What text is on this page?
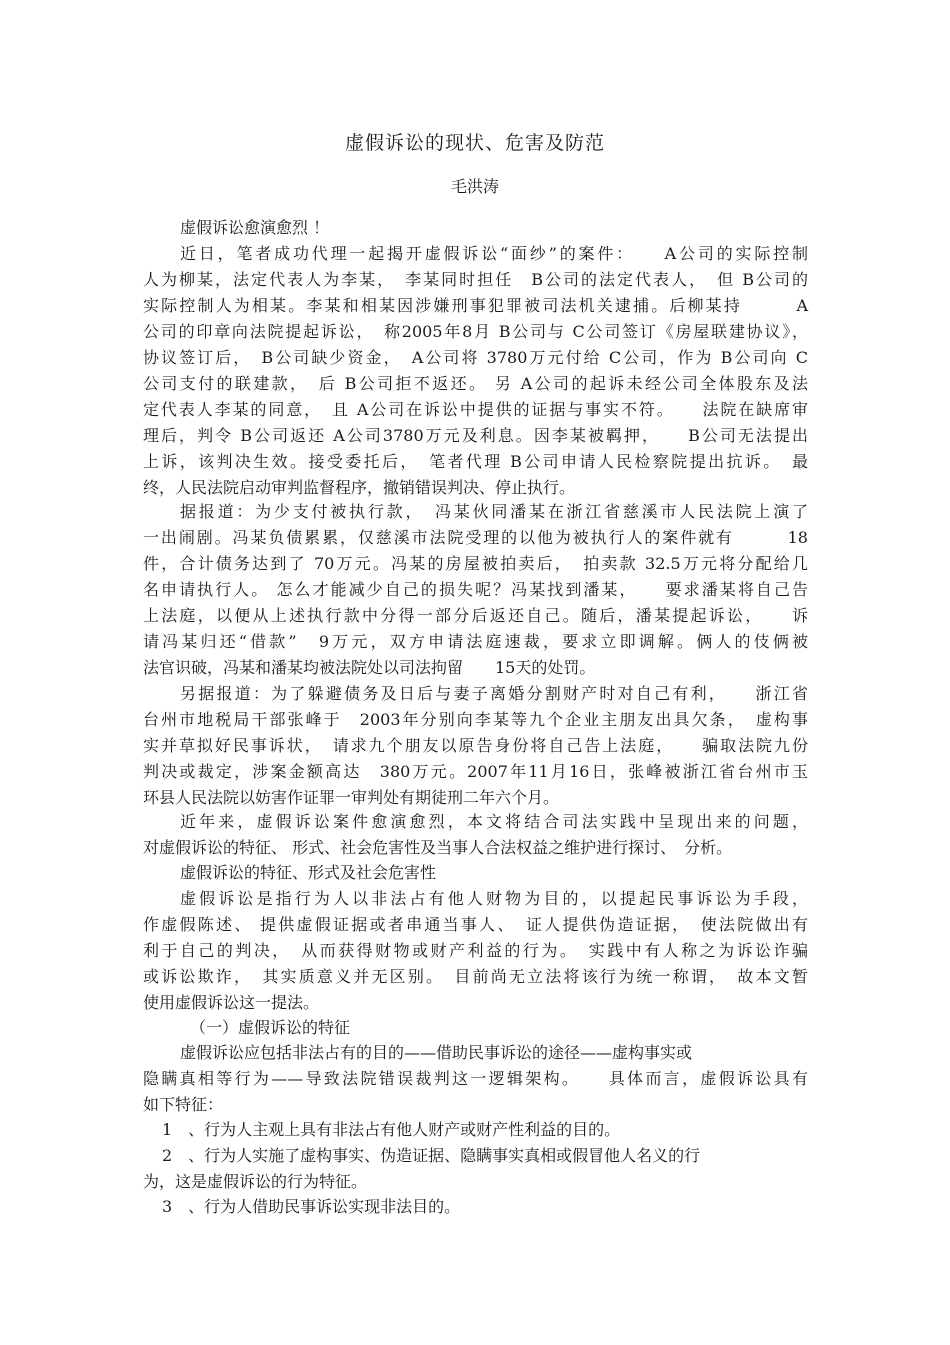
虚假诉讼的现状、危害及防范
毛洪涛
虚假诉讼愈演愈烈 ！
近日，笔者成功代理一起揭开虚假诉讼“面纱”的案件：　　A公司的实际控制
人为柳某，法定代表人为李某，　李某同时担任　B公司的法定代表人，　但 B公司的
实际控制人为相某。李某和相某因涉嫌刑事犯罪被司法机关逮捕。后柳某持　　　A
公司的印章向法院提起诉讼，　称2005年8月 B公司与 C公司签订《房屋联建协议》，
协议签订后，　B公司缺少资金，　A公司将 3780万元付给 C公司，作为 B公司向 C
公司支付的联建款，　后 B公司拒不返还。 另 A公司的起诉未经公司全体股东及法
定代表人李某的同意，　且 A公司在诉讼中提供的证据与事实不符。　　法院在缺席审
理后，判令 B公司返还 A公司3780万元及利息。因李某被羁押，　　B公司无法提出
上诉，该判决生效。接受委托后，　笔者代理 B公司申请人民检察院提出抗诉。　最
终，人民法院启动审判监督程序，撤销错误判决、停止执行。
据报道：为少支付被执行款，　冯某伙同潘某在浙江省慈溪市人民法院上演了
一出闹剧。冯某负债累累，仅慈溪市法院受理的以他为被执行人的案件就有　　　18
件，合计债务达到了 70万元。冯某的房屋被拍卖后，　拍卖款 32.5万元将分配给几
名申请执行人。 怎么才能减少自己的损失呢？冯某找到潘某，　　要求潘某将自己告
上法庭，以便从上述执行款中分得一部分后返还自己。随后，潘某提起诉讼，　　诉
请冯某归还“借款”　9万元，双方申请法庭速裁，要求立即调解。俩人的伎俩被
法官识破，冯某和潘某均被法院处以司法拘留　　15天的处罚。
另据报道：为了躲避债务及日后与妻子离婚分割财产时对自己有利，　　浙江省
台州市地税局干部张峰于　2003年分别向李某等九个企业主朋友出具欠条，　虚构事
实并草拟好民事诉状，　请求九个朋友以原告身份将自己告上法庭，　　骗取法院九份
判决或裁定，涉案金额高达　380万元。2007年11月16日，张峰被浙江省台州市玉
环县人民法院以妨害作证罪一审判处有期徒刑二年六个月。
近年来，虚假诉讼案件愈演愈烈，本文将结合司法实践中呈现出来的问题，
对虚假诉讼的特征、 形式、社会危害性及当事人合法权益之维护进行探讨、　分析。
虚假诉讼的特征、形式及社会危害性
虚假诉讼是指行为人以非法占有他人财物为目的，以提起民事诉讼为手段，
作虚假陈述、 提供虚假证据或者串通当事人、　证人提供伪造证据，　使法院做出有
利于自己的判决，　从而获得财物或财产利益的行为。　实践中有人称之为诉讼诈骗
或诉讼欺诈，　其实质意义并无区别。　目前尚无立法将该行为统一称谓，　故本文暂
使用虚假诉讼这一提法。
（一）虚假诉讼的特征
虚假诉讼应包括非法占有的目的——借助民事诉讼的途径——虚构事实或
隐瞒真相等行为——导致法院错误裁判这一逻辑架构。　　具体而言，虚假诉讼具有
如下特征：
1　、行为人主观上具有非法占有他人财产或财产性利益的目的。
2　、行为人实施了虚构事实、伪造证据、隐瞒事实真相或假冒他人名义的行
为，这是虚假诉讼的行为特征。
3　、行为人借助民事诉讼实现非法目的。
